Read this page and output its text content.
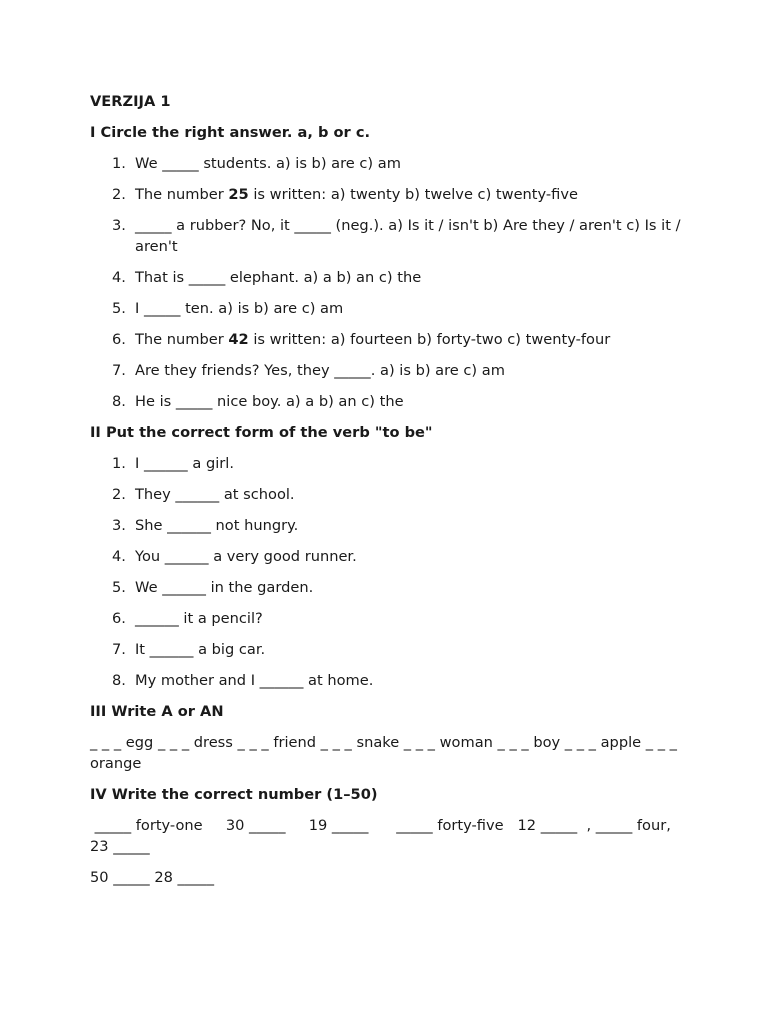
VERZIJA 1
I Circle the right answer. a, b or c.
1. We _____ students. a) is b) are c) am
2. The number 25 is written: a) twenty b) twelve c) twenty-five
3. _____ a rubber? No, it _____ (neg.). a) Is it / isn't b) Are they / aren't c) Is it / aren't
4. That is _____ elephant. a) a b) an c) the
5. I _____ ten. a) is b) are c) am
6. The number 42 is written: a) fourteen b) forty-two c) twenty-four
7. Are they friends? Yes, they _____. a) is b) are c) am
8. He is _____ nice boy. a) a b) an c) the
II Put the correct form of the verb "to be"
1. I ______ a girl.
2. They ______ at school.
3. She ______ not hungry.
4. You ______ a very good runner.
5. We ______ in the garden.
6. ______ it a pencil?
7. It ______ a big car.
8. My mother and I ______ at home.
III Write A or AN

_ _ _ egg _ _ _ dress _ _ _ friend _ _ _ snake _ _ _ woman _ _ _ boy _ _ _ apple _ _ _ orange

IV Write the correct number (1–50)

_____ forty-one     30 _____     19 _____      _____ forty-five   12 _____  , _____ four,  23 _____

50 _____ 28 _____
